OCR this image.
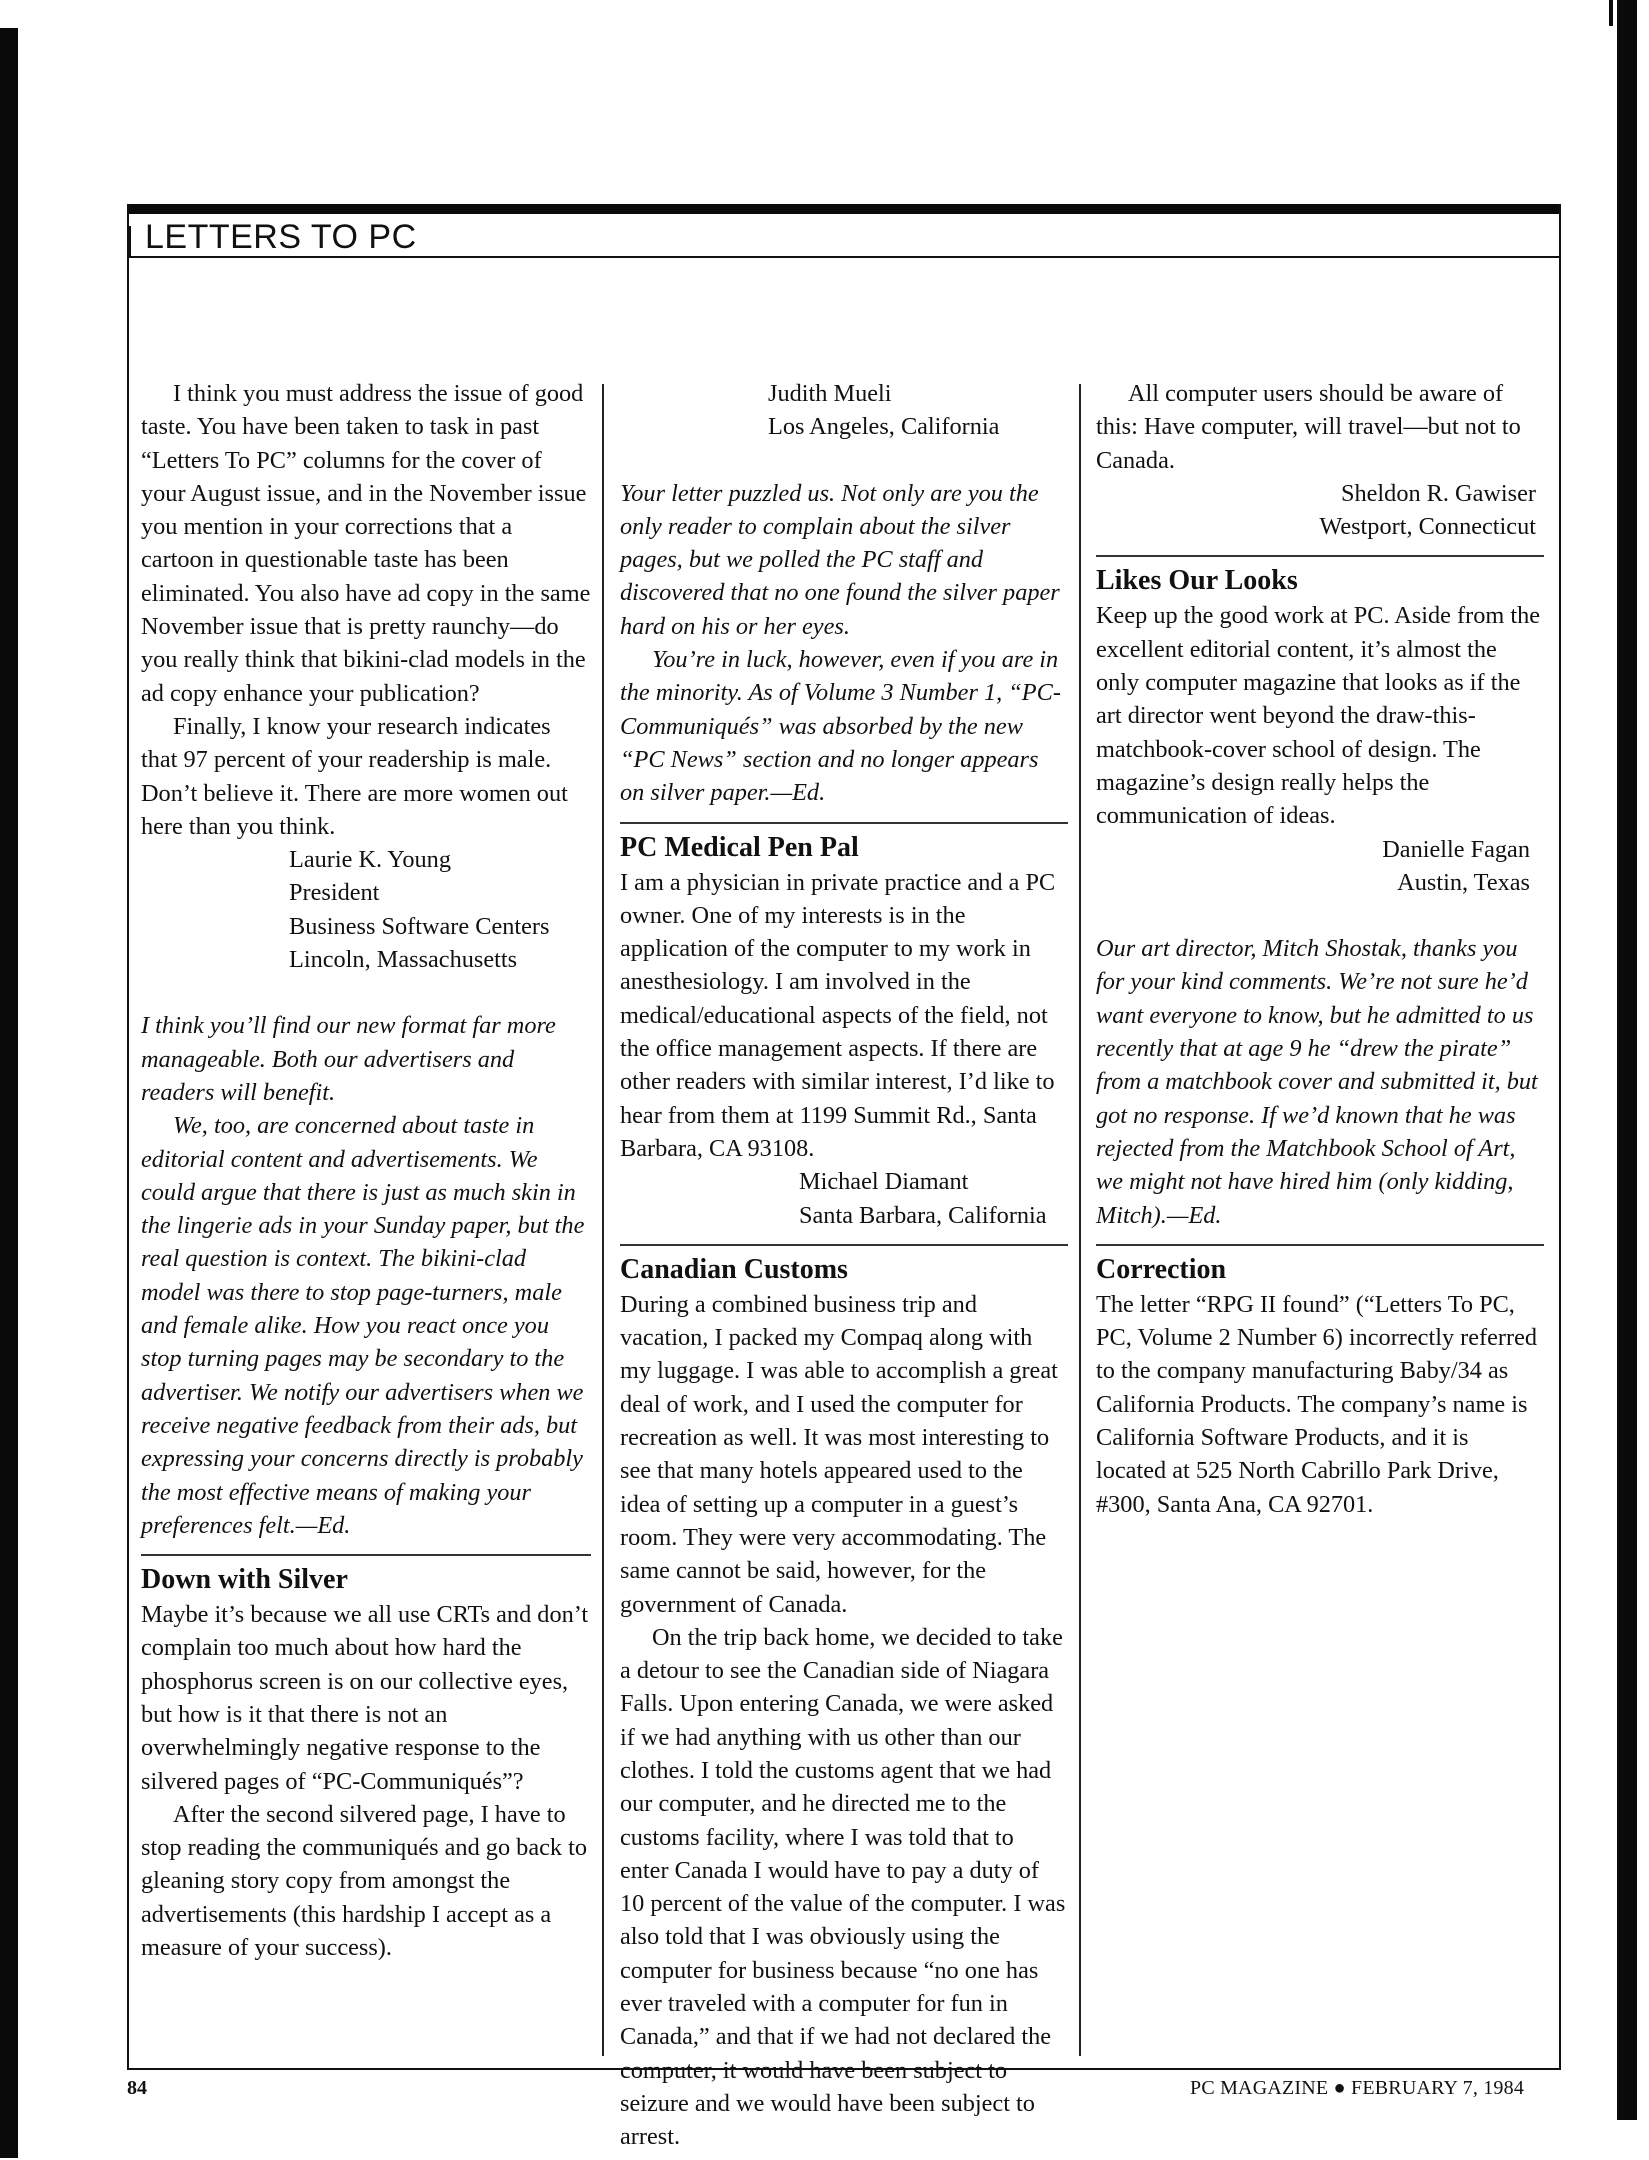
LETTERS TO PC

I think you must address the issue of good taste. You have been taken to task in past “Letters To PC” columns for the cover of your August issue, and in the November issue you mention in your corrections that a cartoon in questionable taste has been eliminated. You also have ad copy in the same November issue that is pretty raunchy—do you really think that bikini-clad models in the ad copy enhance your publication?

Finally, I know your research indicates that 97 percent of your readership is male. Don’t believe it. There are more women out here than you think.

Laurie K. Young

President

Business Software Centers

Lincoln, Massachusetts

I think you’ll find our new format far more manageable. Both our advertisers and readers will benefit.

We, too, are concerned about taste in editorial content and advertisements. We could argue that there is just as much skin in the lingerie ads in your Sunday paper, but the real question is context. The bikini-clad model was there to stop page-turners, male and female alike. How you react once you stop turning pages may be secondary to the advertiser. We notify our advertisers when we receive negative feedback from their ads, but expressing your concerns directly is probably the most effective means of making your preferences felt.—Ed.

Down with Silver

Maybe it’s because we all use CRTs and don’t complain too much about how hard the phosphorus screen is on our collective eyes, but how is it that there is not an overwhelmingly negative response to the silvered pages of “PC-Communiqués”?

After the second silvered page, I have to stop reading the communiqués and go back to gleaning story copy from amongst the advertisements (this hardship I accept as a measure of your success).

Judith Mueli

Los Angeles, California

Your letter puzzled us. Not only are you the only reader to complain about the silver pages, but we polled the PC staff and discovered that no one found the silver paper hard on his or her eyes.

You’re in luck, however, even if you are in the minority. As of Volume 3 Number 1, “PC-Communiqués” was absorbed by the new “PC News” section and no longer appears on silver paper.—Ed.

PC Medical Pen Pal

I am a physician in private practice and a PC owner. One of my interests is in the application of the computer to my work in anesthesiology. I am involved in the medical/educational aspects of the field, not the office management aspects. If there are other readers with similar interest, I’d like to hear from them at 1199 Summit Rd., Santa Barbara, CA 93108.

Michael Diamant

Santa Barbara, California

Canadian Customs

During a combined business trip and vacation, I packed my Compaq along with my luggage. I was able to accomplish a great deal of work, and I used the computer for recreation as well. It was most interesting to see that many hotels appeared used to the idea of setting up a computer in a guest’s room. They were very accommodating. The same cannot be said, however, for the government of Canada.

On the trip back home, we decided to take a detour to see the Canadian side of Niagara Falls. Upon entering Canada, we were asked if we had anything with us other than our clothes. I told the customs agent that we had our computer, and he directed me to the customs facility, where I was told that to enter Canada I would have to pay a duty of 10 percent of the value of the computer. I was also told that I was obviously using the computer for business because “no one has ever traveled with a computer for fun in Canada,” and that if we had not declared the computer, it would have been subject to seizure and we would have been subject to arrest.

All computer users should be aware of this: Have computer, will travel—but not to Canada.

Sheldon R. Gawiser

Westport, Connecticut

Likes Our Looks

Keep up the good work at PC. Aside from the excellent editorial content, it’s almost the only computer magazine that looks as if the art director went beyond the draw-this-matchbook-cover school of design. The magazine’s design really helps the communication of ideas.

Danielle Fagan

Austin, Texas

Our art director, Mitch Shostak, thanks you for your kind comments. We’re not sure he’d want everyone to know, but he admitted to us recently that at age 9 he “drew the pirate” from a matchbook cover and submitted it, but got no response. If we’d known that he was rejected from the Matchbook School of Art, we might not have hired him (only kidding, Mitch).—Ed.

Correction

The letter “RPG II found” (“Letters To PC, PC, Volume 2 Number 6) incorrectly referred to the company manufacturing Baby/34 as California Products. The company’s name is California Software Products, and it is located at 525 North Cabrillo Park Drive, #300, Santa Ana, CA 92701.

84	PC MAGAZINE ● FEBRUARY 7, 1984
